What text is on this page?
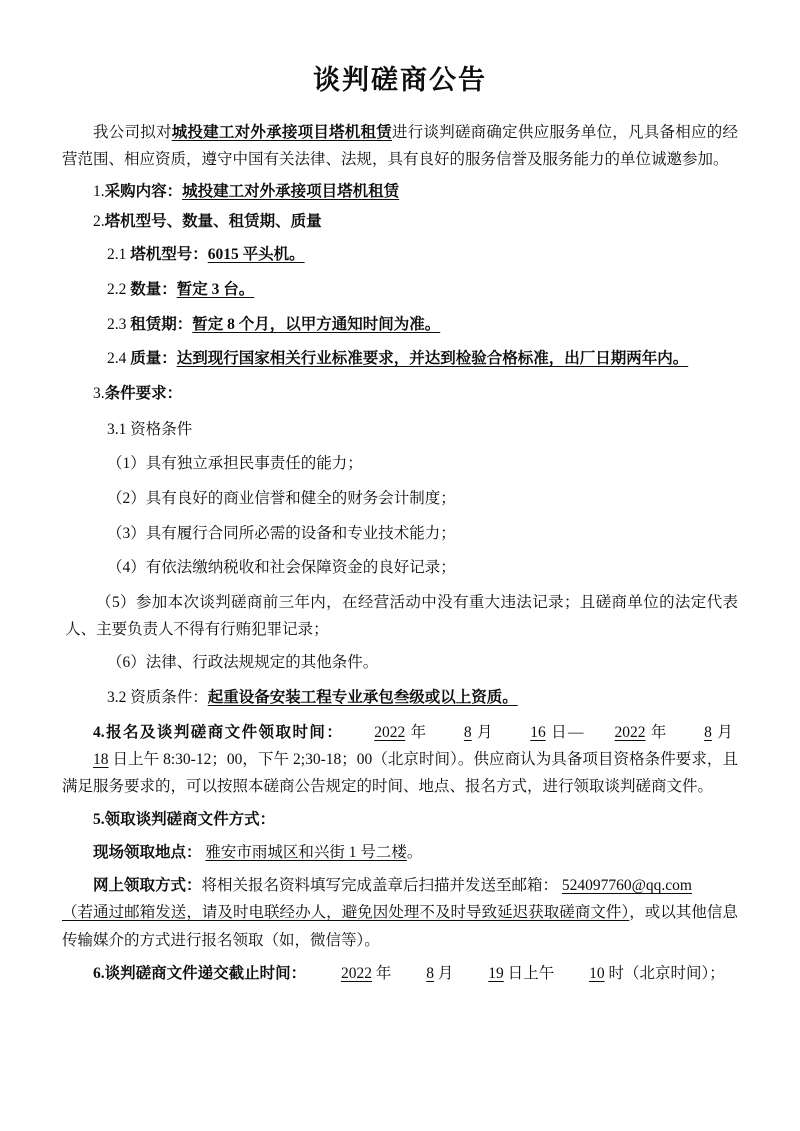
谈判磋商公告

我公司拟对城投建工对外承接项目塔机租赁进行谈判磋商确定供应服务单位，凡具备相应的经营范围、相应资质，遵守中国有关法律、法规，具有良好的服务信誉及服务能力的单位诚邀参加。

1.采购内容：城投建工对外承接项目塔机租赁

2.塔机型号、数量、租赁期、质量

2.1 塔机型号：6015 平头机。

2.2 数量：暂定 3 台。

2.3 租赁期：暂定 8 个月，以甲方通知时间为准。

2.4 质量：达到现行国家相关行业标准要求，并达到检验合格标准，出厂日期两年内。

3.条件要求：

3.1 资格条件

（1）具有独立承担民事责任的能力；

（2）具有良好的商业信誉和健全的财务会计制度；

（3）具有履行合同所必需的设备和专业技术能力；

（4）有依法缴纳税收和社会保障资金的良好记录；

（5）参加本次谈判磋商前三年内，在经营活动中没有重大违法记录；且磋商单位的法定代表人、主要负责人不得有行贿犯罪记录；

（6）法律、行政法规规定的其他条件。

3.2 资质条件：起重设备安装工程专业承包叁级或以上资质。

4.报名及谈判磋商文件领取时间： 2022 年 8 月 16 日— 2022 年 8 月 18 日上午 8:30-12；00，下午 2;30-18；00（北京时间）。供应商认为具备项目资格条件要求，且满足服务要求的，可以按照本磋商公告规定的时间、地点、报名方式，进行领取谈判磋商文件。

5.领取谈判磋商文件方式：

现场领取地点： 雅安市雨城区和兴街 1 号二楼。

网上领取方式：将相关报名资料填写完成盖章后扫描并发送至邮箱： 524097760@qq.com
（若通过邮箱发送，请及时电联经办人，避免因处理不及时导致延迟获取磋商文件），或以其他信息传输媒介的方式进行报名领取（如，微信等）。

6.谈判磋商文件递交截止时间： 2022 年 8 月 19 日上午 10 时（北京时间）；
